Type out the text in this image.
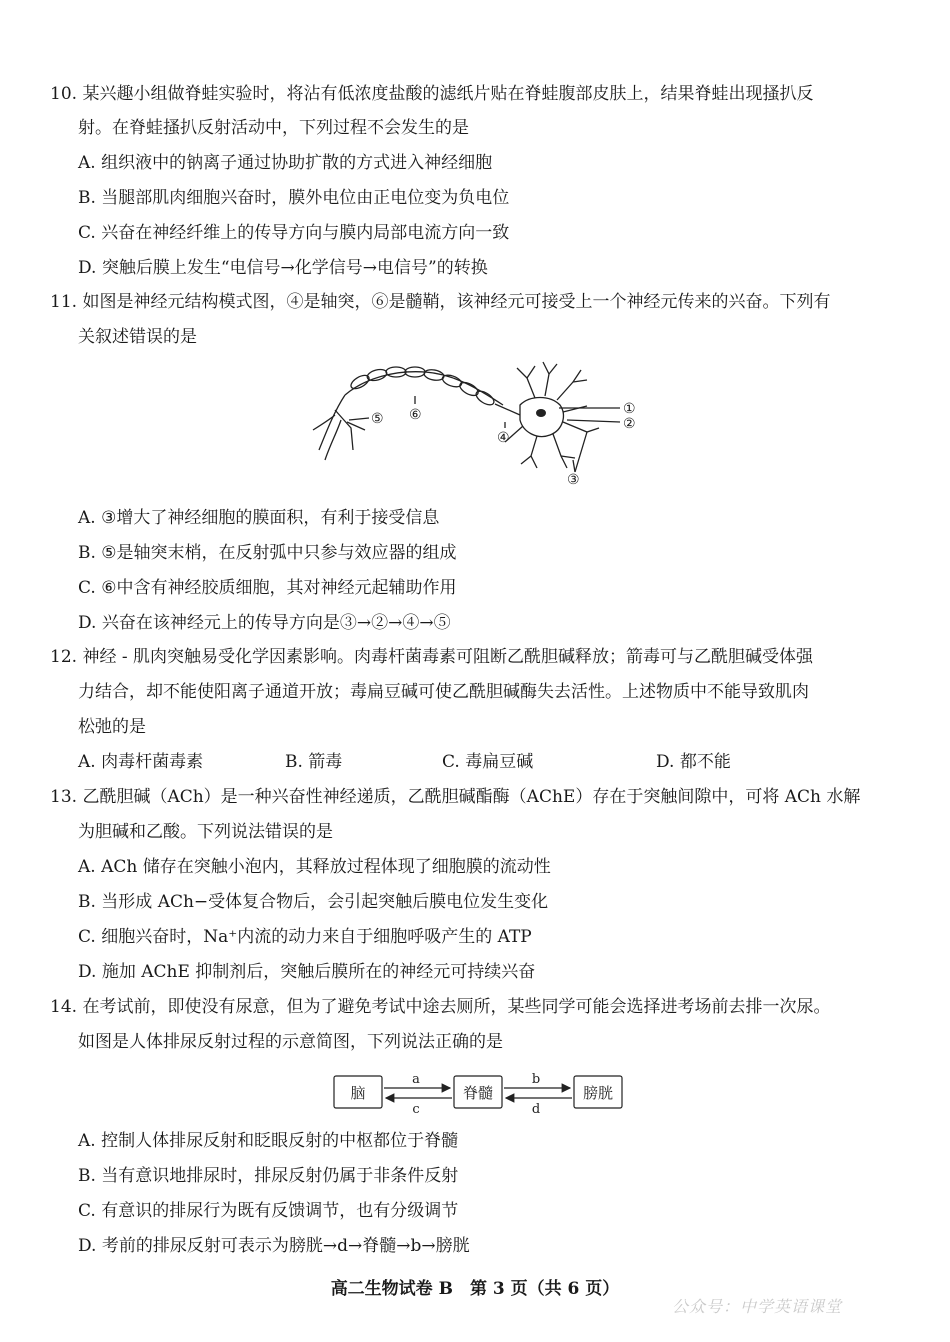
10. 某兴趣小组做脊蛙实验时，将沾有低浓度盐酸的滤纸片贴在脊蛙腹部皮肤上，结果脊蛙出现搔扒反
射。在脊蛙搔扒反射活动中，下列过程不会发生的是
A. 组织液中的钠离子通过协助扩散的方式进入神经细胞
B. 当腿部肌肉细胞兴奋时，膜外电位由正电位变为负电位
C. 兴奋在神经纤维上的传导方向与膜内局部电流方向一致
D. 突触后膜上发生“电信号→化学信号→电信号”的转换
11. 如图是神经元结构模式图，④是轴突，⑥是髓鞘，该神经元可接受上一个神经元传来的兴奋。下列有
关叙述错误的是
①
②
③
④
⑤ ⑥
A. ③增大了神经细胞的膜面积，有利于接受信息
B. ⑤是轴突末梢，在反射弧中只参与效应器的组成
C. ⑥中含有神经胶质细胞，其对神经元起辅助作用
D. 兴奋在该神经元上的传导方向是③→②→④→⑤
12. 神经 - 肌肉突触易受化学因素影响。肉毒杆菌毒素可阻断乙酰胆碱释放；箭毒可与乙酰胆碱受体强
力结合，却不能使阳离子通道开放；毒扁豆碱可使乙酰胆碱酶失去活性。上述物质中不能导致肌肉
松弛的是
A. 肉毒杆菌毒素	B. 箭毒	C. 毒扁豆碱	D. 都不能
13. 乙酰胆碱（ACh）是一种兴奋性神经递质，乙酰胆碱酯酶（AChE）存在于突触间隙中，可将 ACh 水解
为胆碱和乙酸。下列说法错误的是
A. ACh 储存在突触小泡内，其释放过程体现了细胞膜的流动性
B. 当形成 ACh−受体复合物后，会引起突触后膜电位发生变化
C. 细胞兴奋时，Na⁺内流的动力来自于细胞呼吸产生的 ATP
D. 施加 AChE 抑制剂后，突触后膜所在的神经元可持续兴奋
14. 在考试前，即使没有尿意，但为了避免考试中途去厕所，某些同学可能会选择进考场前去排一次尿。
如图是人体排尿反射过程的示意简图，下列说法正确的是
脑	脊髓	膀胱
a
c
b
d
A. 控制人体排尿反射和眨眼反射的中枢都位于脊髓
B. 当有意识地排尿时，排尿反射仍属于非条件反射
C. 有意识的排尿行为既有反馈调节，也有分级调节
D. 考前的排尿反射可表示为膀胱→d→脊髓→b→膀胱
高二生物试卷 B　第 3 页（共 6 页）
公众号：中学英语课堂
